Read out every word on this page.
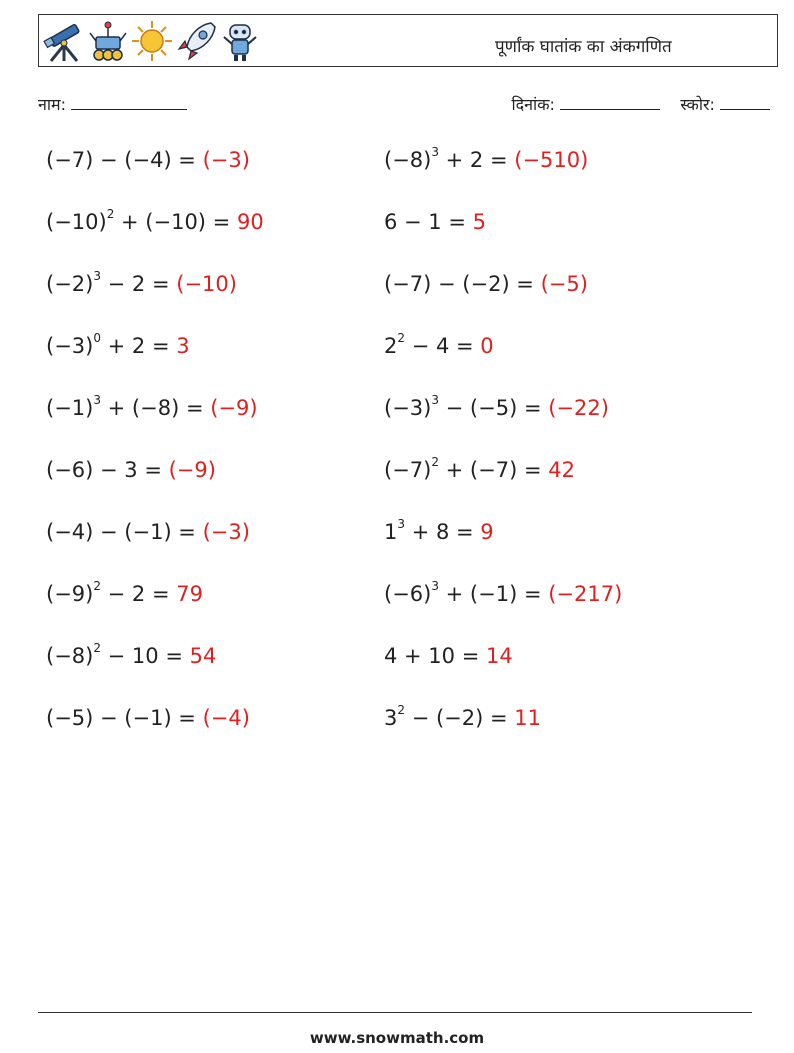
पूर्णांक घातांक का अंकगणित
नाम:	दिनांक:	स्कोर:
(−7) − (−4) = (−3)	$(-8)^3 + 2 = (-510)$
$(-10)^2 + (-10) = 90$	6 − 1 = 5
$(-2)^3 - 2 = (-10)$	(−7) − (−2) = (−5)
$(-3)^0 + 2 = 3$	$2^2 - 4 = 0$
$(-1)^3 + (-8) = (-9)$	$(-3)^3 - (-5) = (-22)$
(−6) − 3 = (−9)	$(-7)^2 + (-7) = 42$
(−4) − (−1) = (−3)	$1^3 + 8 = 9$
$(-9)^2 - 2 = 79$	$(-6)^3 + (-1) = (-217)$
$(-8)^2 - 10 = 54$	4 + 10 = 14
(−5) − (−1) = (−4)	$3^2 - (-2) = 11$
www.snowmath.com
